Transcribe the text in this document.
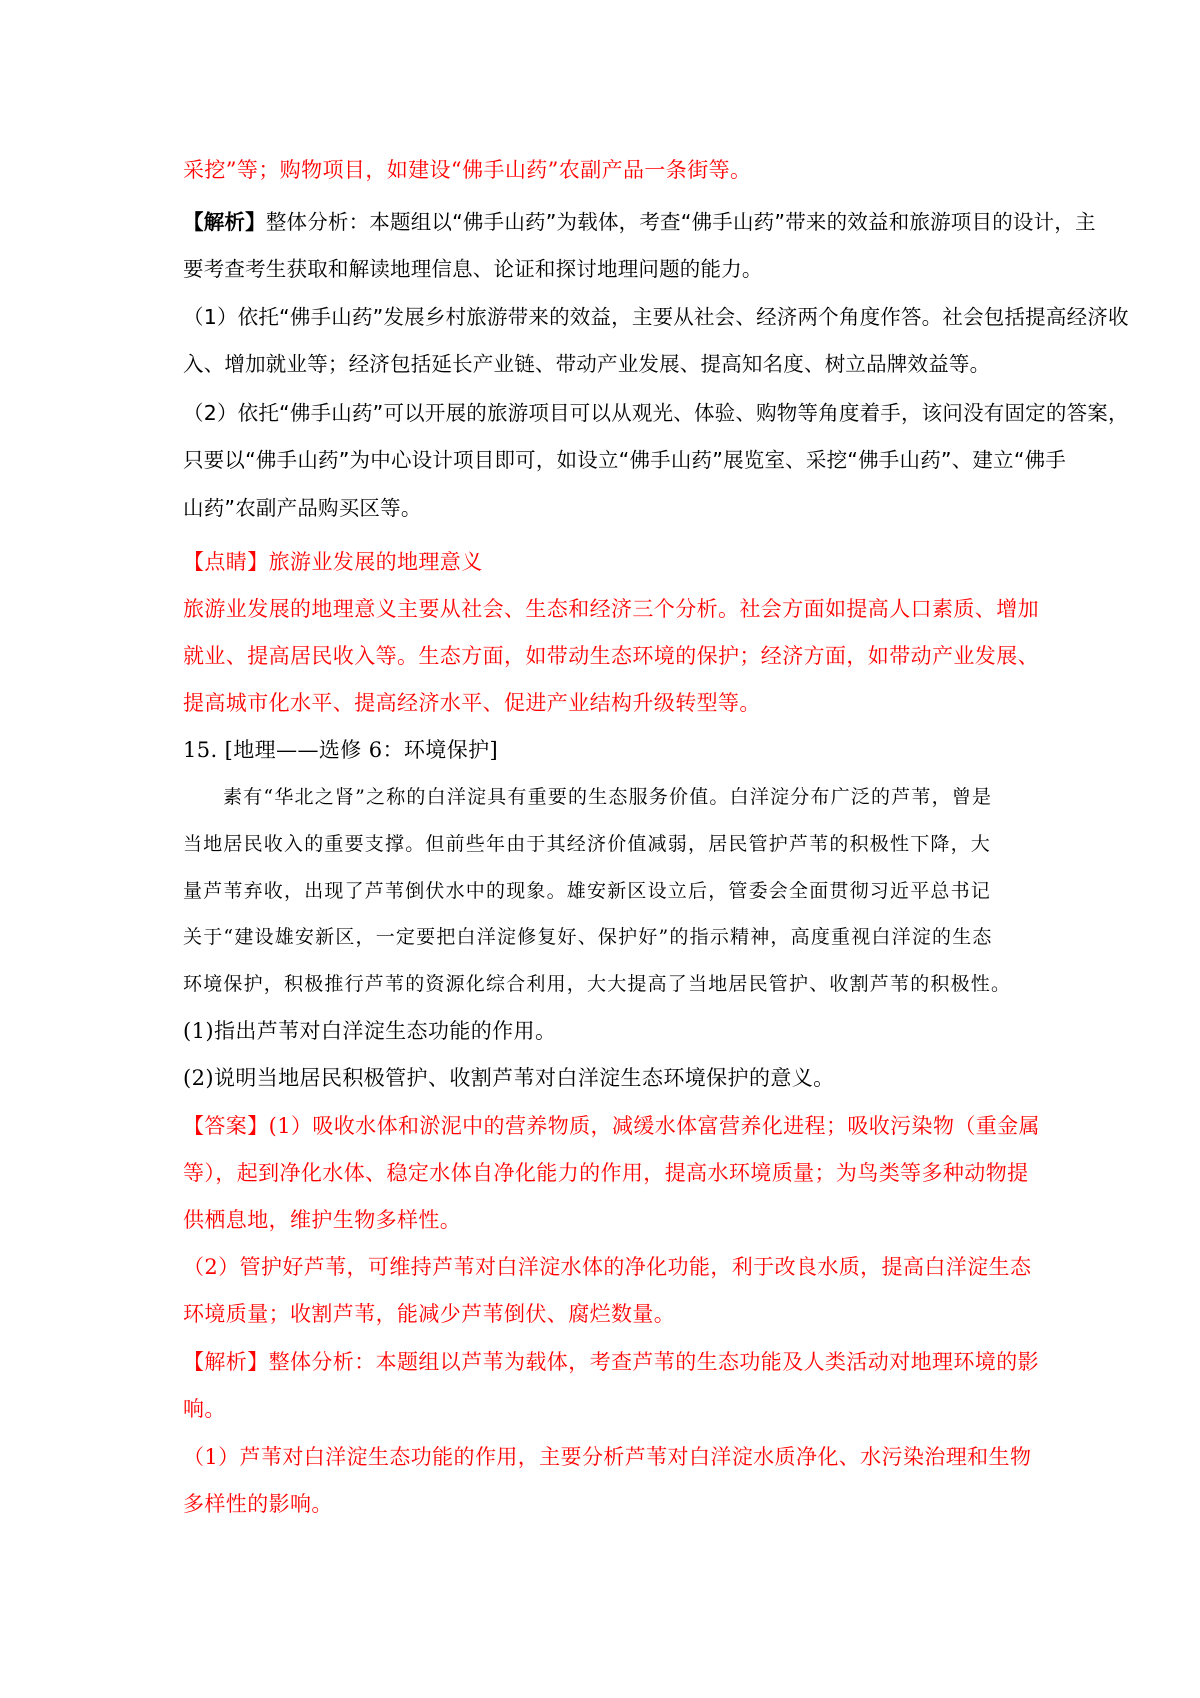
采挖”等；购物项目，如建设“佛手山药”农副产品一条街等。
【解析】整体分析：本题组以“佛手山药”为载体，考查“佛手山药”带来的效益和旅游项目的设计，主
要考查考生获取和解读地理信息、论证和探讨地理问题的能力。
（1）依托“佛手山药”发展乡村旅游带来的效益，主要从社会、经济两个角度作答。社会包括提高经济收
入、增加就业等；经济包括延长产业链、带动产业发展、提高知名度、树立品牌效益等。
（2）依托“佛手山药”可以开展的旅游项目可以从观光、体验、购物等角度着手，该问没有固定的答案，
只要以“佛手山药”为中心设计项目即可，如设立“佛手山药”展览室、采挖“佛手山药”、建立“佛手
山药”农副产品购买区等。
【点睛】旅游业发展的地理意义
旅游业发展的地理意义主要从社会、生态和经济三个分析。社会方面如提高人口素质、增加
就业、提高居民收入等。生态方面，如带动生态环境的保护；经济方面，如带动产业发展、
提高城市化水平、提高经济水平、促进产业结构升级转型等。
15. [地理——选修 6：环境保护]
素有“华北之肾”之称的白洋淀具有重要的生态服务价值。白洋淀分布广泛的芦苇，曾是
当地居民收入的重要支撑。但前些年由于其经济价值减弱，居民管护芦苇的积极性下降，大
量芦苇弃收，出现了芦苇倒伏水中的现象。雄安新区设立后，管委会全面贯彻习近平总书记
关于“建设雄安新区，一定要把白洋淀修复好、保护好”的指示精神，高度重视白洋淀的生态
环境保护，积极推行芦苇的资源化综合利用，大大提高了当地居民管护、收割芦苇的积极性。
(1)指出芦苇对白洋淀生态功能的作用。
(2)说明当地居民积极管护、收割芦苇对白洋淀生态环境保护的意义。
【答案】(1）吸收水体和淤泥中的营养物质，减缓水体富营养化进程；吸收污染物（重金属
等），起到净化水体、稳定水体自净化能力的作用，提高水环境质量；为鸟类等多种动物提
供栖息地，维护生物多样性。
（2）管护好芦苇，可维持芦苇对白洋淀水体的净化功能，利于改良水质，提高白洋淀生态
环境质量；收割芦苇，能减少芦苇倒伏、腐烂数量。
【解析】整体分析：本题组以芦苇为载体，考查芦苇的生态功能及人类活动对地理环境的影
响。
（1）芦苇对白洋淀生态功能的作用，主要分析芦苇对白洋淀水质净化、水污染治理和生物
多样性的影响。
